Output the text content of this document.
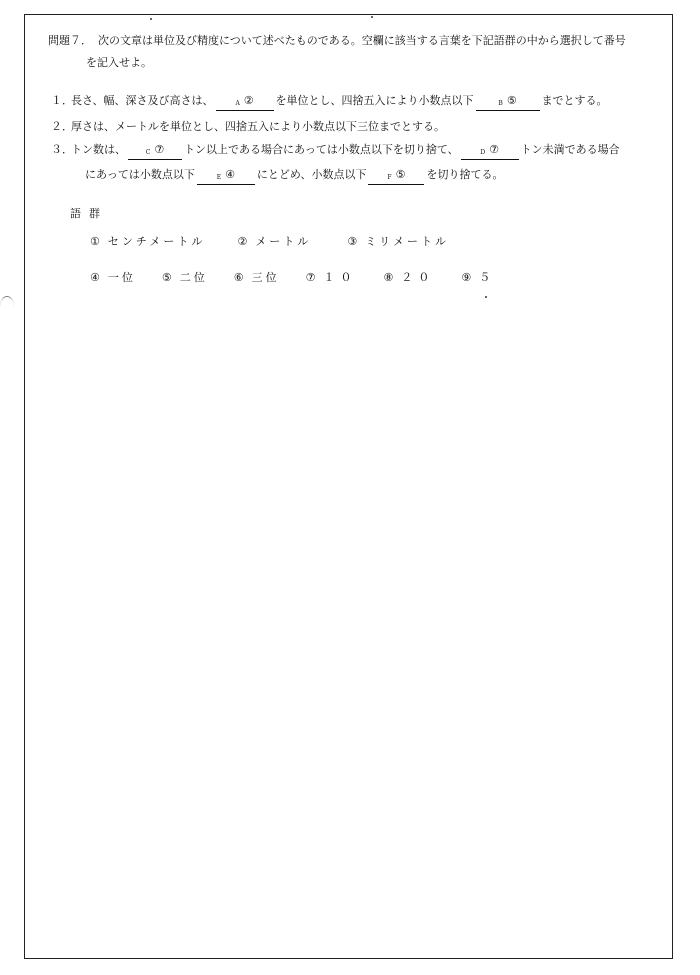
問題７． 次の文章は単位及び精度について述べたものである。空欄に該当する言葉を下記語群の中から選択して番号
を記入せよ。
１．
長さ、幅、深さ及び高さは、	A ② を単位とし、四捨五入により小数点以下	B ⑤ までとする。
２．
厚さは、メートルを単位とし、四捨五入により小数点以下三位までとする。
３．
トン数は、	C ⑦ トン以上である場合にあっては小数点以下を切り捨て、	D ⑦ トン未満である場合
にあっては小数点以下	E ④ にとどめ、小数点以下	F ⑤ を切り捨てる。
語群
① センチメートル	② メートル	③ ミリメートル
④ 一位 ⑤ 二位 ⑥ 三位 ⑦ １０ ⑧ ２０ ⑨ ５
